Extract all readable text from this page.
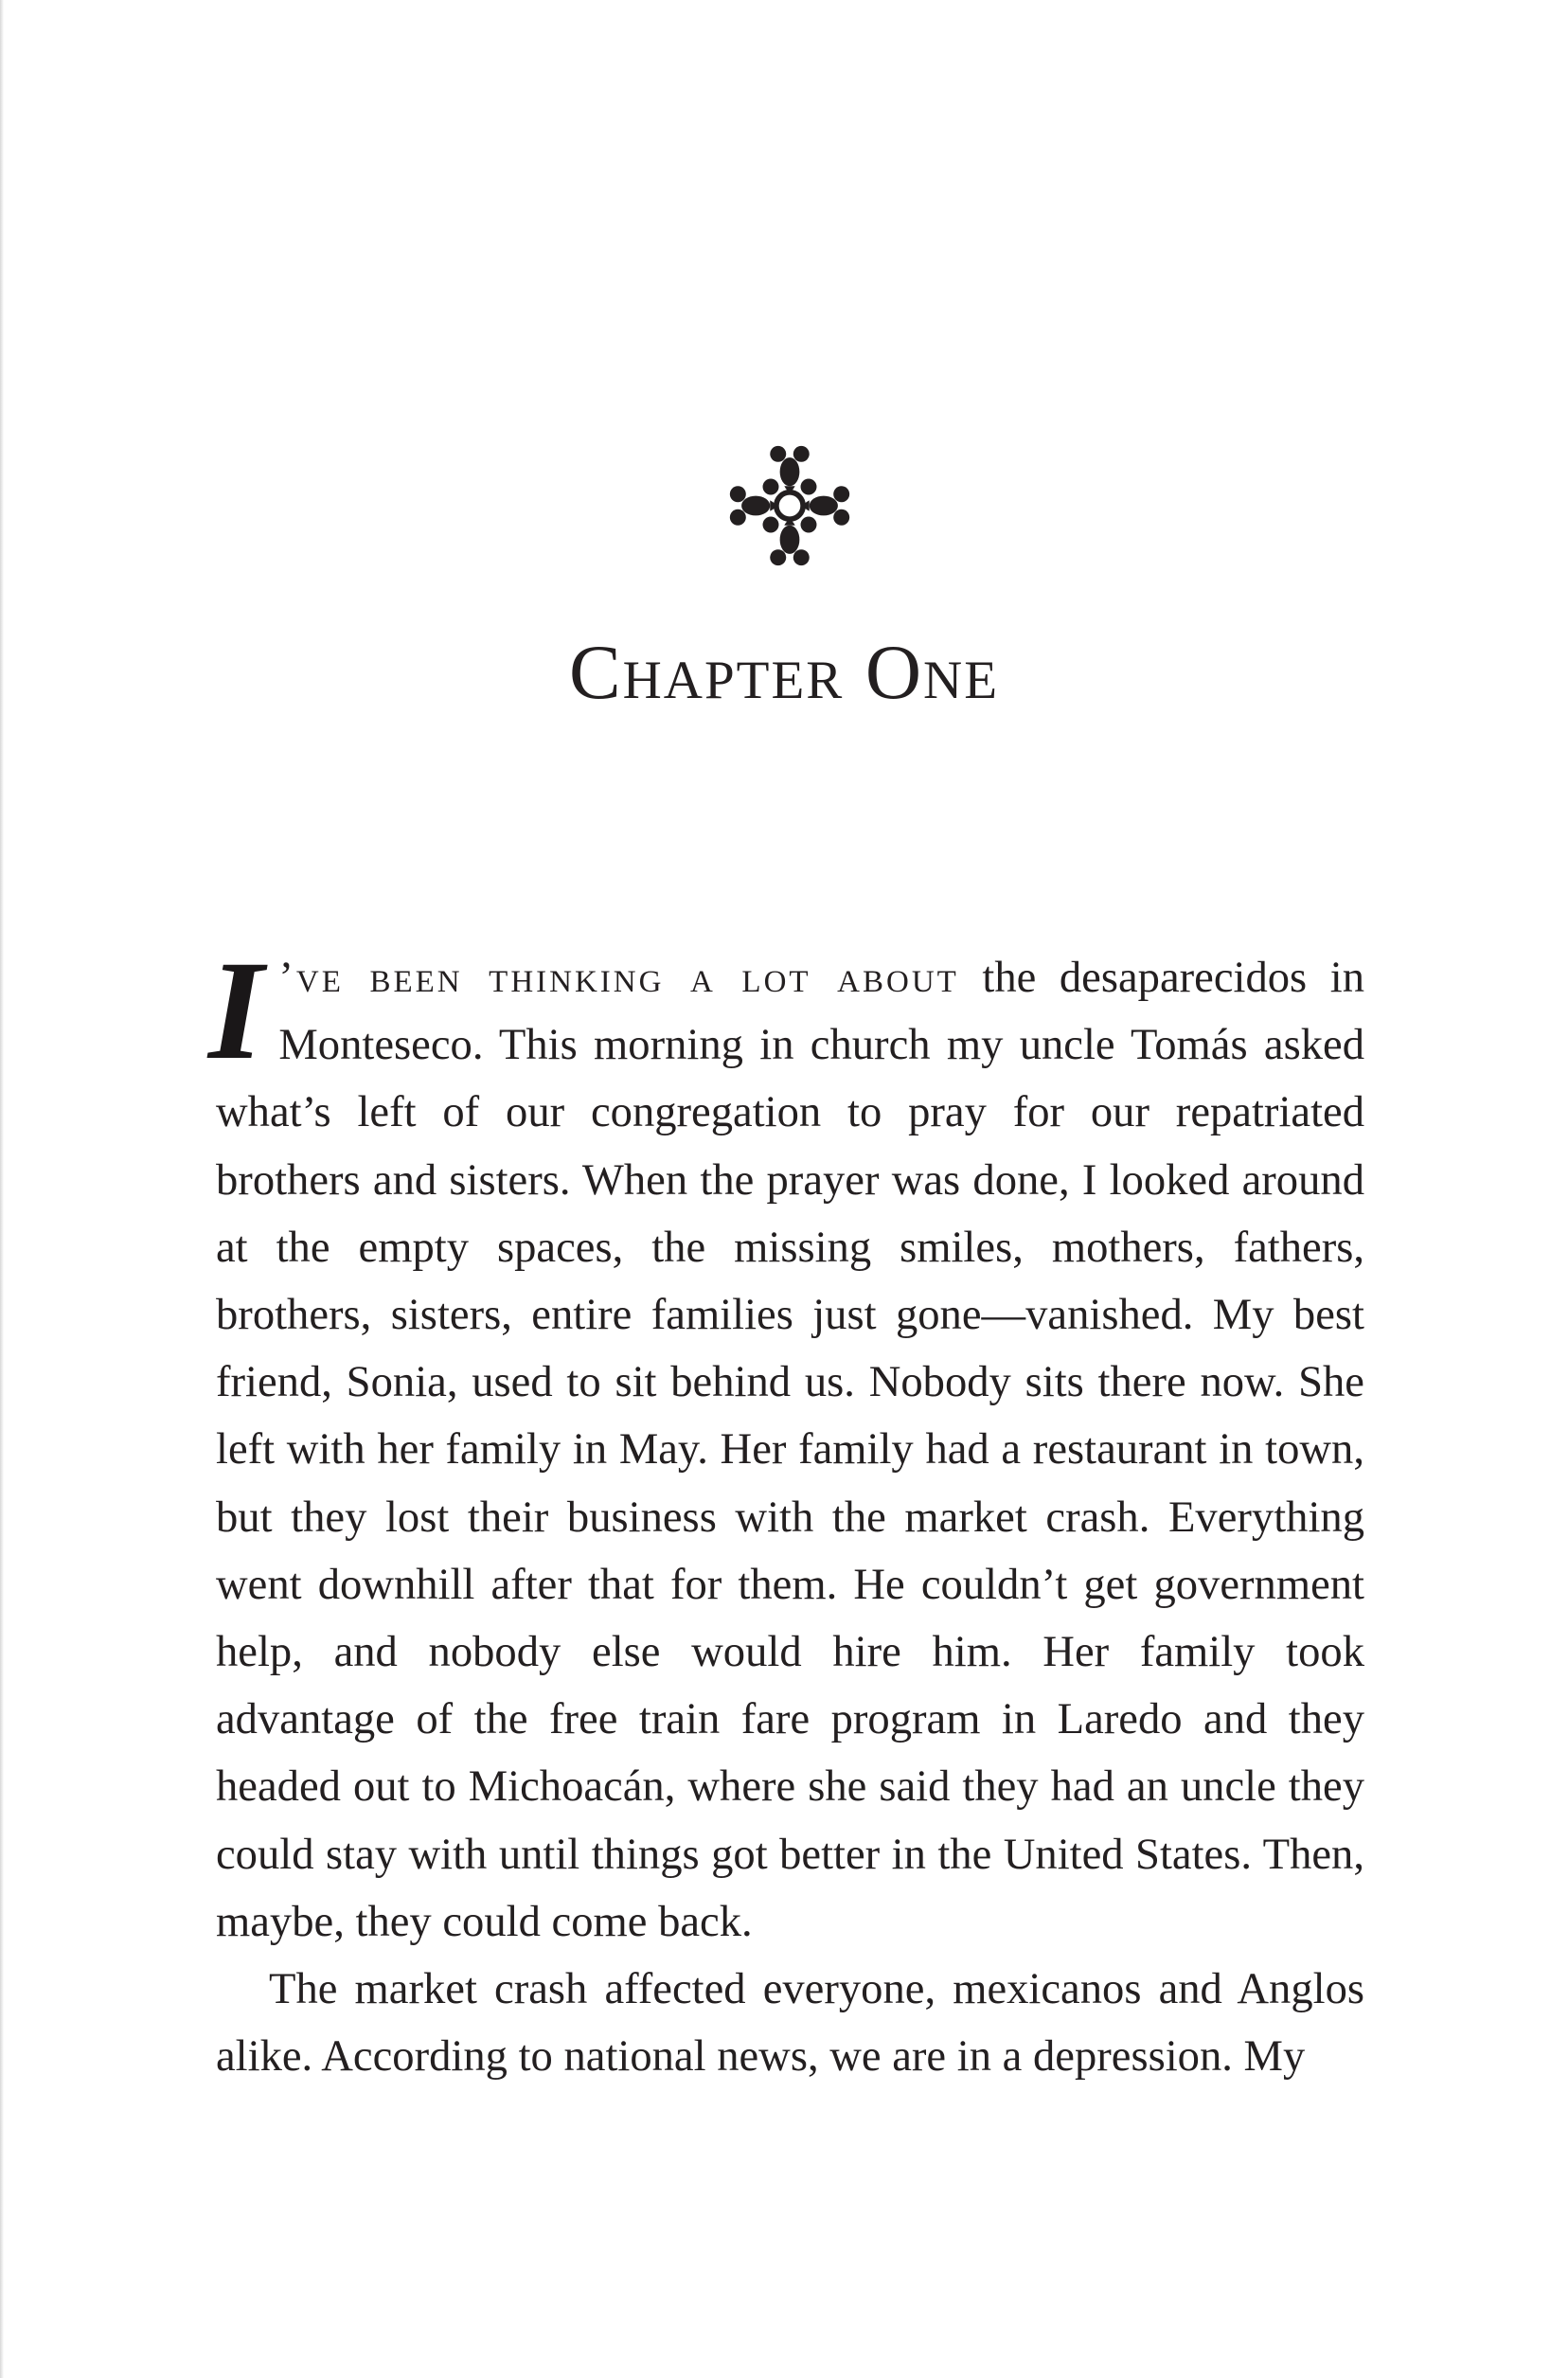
Chapter One

I ’ve been thinking a lot about the desaparecidos in Monteseco. This morning in church my uncle Tomás asked what’s left of our congregation to pray for our repatriated brothers and sisters. When the prayer was done, I looked around at the empty spaces, the missing smiles, mothers, fathers, brothers, sisters, entire families just gone—vanished. My best friend, Sonia, used to sit behind us. Nobody sits there now. She left with her family in May. Her family had a restaurant in town, but they lost their business with the market crash. Everything went downhill after that for them. He couldn’t get government help, and nobody else would hire him. Her family took advantage of the free train fare program in Laredo and they headed out to Michoacán, where she said they had an uncle they could stay with until things got better in the United States. Then, maybe, they could come back.

The market crash affected everyone, mexicanos and Anglos alike. According to national news, we are in a depression. My
